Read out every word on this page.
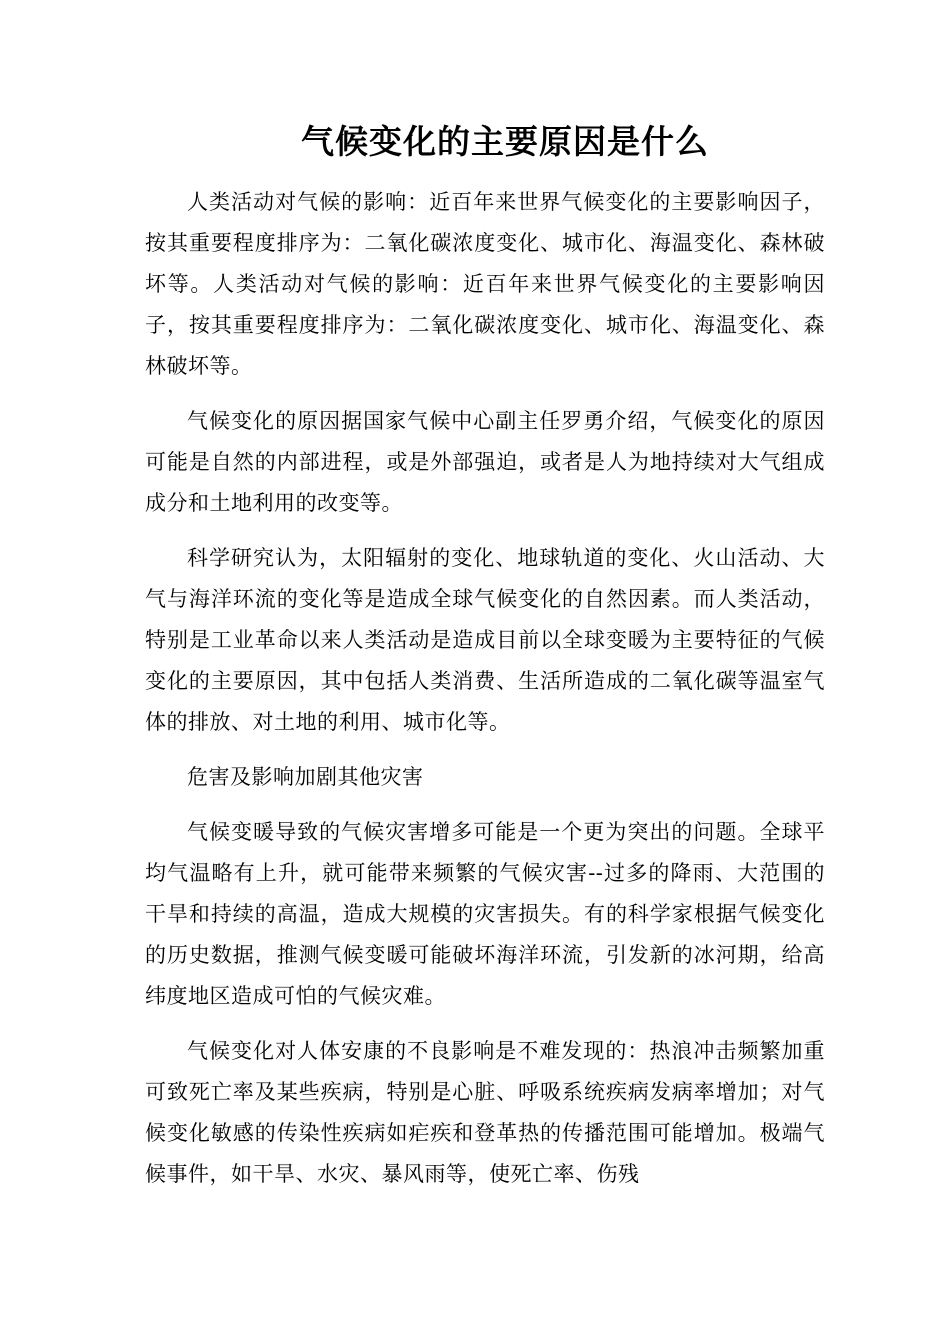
气候变化的主要原因是什么

人类活动对气候的影响：近百年来世界气候变化的主要影响因子，按其重要程度排序为：二氧化碳浓度变化、城市化、海温变化、森林破坏等。人类活动对气候的影响：近百年来世界气候变化的主要影响因子，按其重要程度排序为：二氧化碳浓度变化、城市化、海温变化、森林破坏等。

气候变化的原因据国家气候中心副主任罗勇介绍，气候变化的原因可能是自然的内部进程，或是外部强迫，或者是人为地持续对大气组成成分和土地利用的改变等。

科学研究认为，太阳辐射的变化、地球轨道的变化、火山活动、大气与海洋环流的变化等是造成全球气候变化的自然因素。而人类活动，特别是工业革命以来人类活动是造成目前以全球变暖为主要特征的气候变化的主要原因，其中包括人类消费、生活所造成的二氧化碳等温室气体的排放、对土地的利用、城市化等。

危害及影响加剧其他灾害

气候变暖导致的气候灾害增多可能是一个更为突出的问题。全球平均气温略有上升，就可能带来频繁的气候灾害--过多的降雨、大范围的干旱和持续的高温，造成大规模的灾害损失。有的科学家根据气候变化的历史数据，推测气候变暖可能破坏海洋环流，引发新的冰河期，给高纬度地区造成可怕的气候灾难。

气候变化对人体安康的不良影响是不难发现的：热浪冲击频繁加重可致死亡率及某些疾病，特别是心脏、呼吸系统疾病发病率增加；对气候变化敏感的传染性疾病如疟疾和登革热的传播范围可能增加。极端气候事件，如干旱、水灾、暴风雨等，使死亡率、伤残
